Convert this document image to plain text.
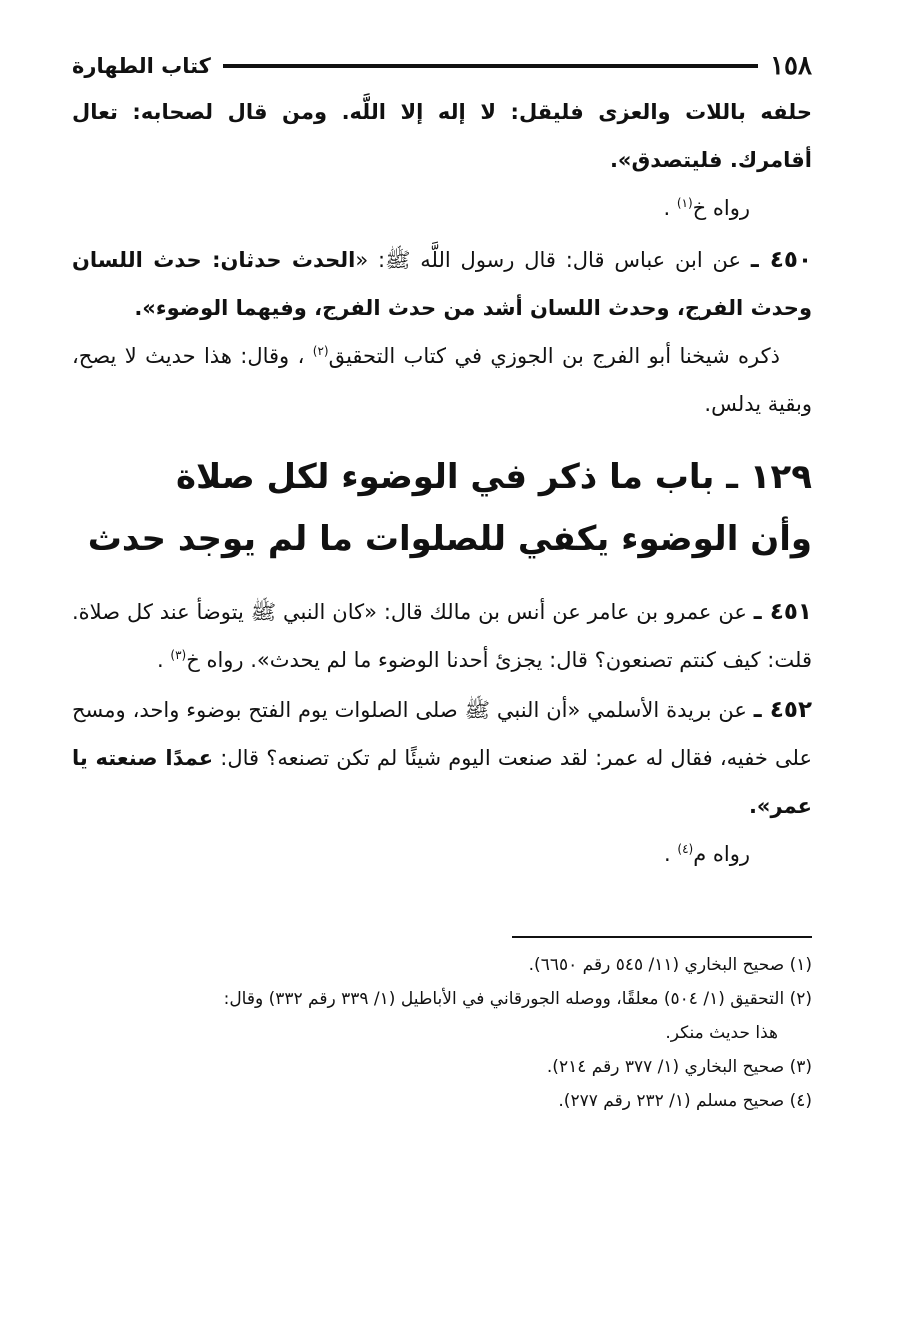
١٥٨
كتاب الطهارة

حلفه باللات والعزى فليقل: لا إله إلا اللَّه. ومن قال لصحابه: تعال أقامرك. فليتصدق».

رواه خ$^{(١)}$ .

٤٥٠ ـ عن ابن عباس قال: قال رسول اللَّه ﷺ: «الحدث حدثان: حدث اللسان وحدث الفرج، وحدث اللسان أشد من حدث الفرج، وفيهما الوضوء».

ذكره شيخنا أبو الفرج بن الجوزي في كتاب التحقيق$^{(٢)}$ ، وقال: هذا حديث لا يصح، وبقية يدلس.

١٢٩ ـ باب ما ذكر في الوضوء لكل صلاة
وأن الوضوء يكفي للصلوات ما لم يوجد حدث

٤٥١ ـ عن عمرو بن عامر عن أنس بن مالك قال: «كان النبي ﷺ يتوضأ عند كل صلاة. قلت: كيف كنتم تصنعون؟ قال: يجزئ أحدنا الوضوء ما لم يحدث». رواه خ$^{(٣)}$ .

٤٥٢ ـ عن بريدة الأسلمي «أن النبي ﷺ صلى الصلوات يوم الفتح بوضوء واحد، ومسح على خفيه، فقال له عمر: لقد صنعت اليوم شيئًا لم تكن تصنعه؟ قال: عمدًا صنعته يا عمر».

رواه م$^{(٤)}$ .

(١) صحيح البخاري (١١/ ٥٤٥ رقم ٦٦٥٠).

(٢) التحقيق (١/ ٥٠٤) معلقًا، ووصله الجورقاني في الأباطيل (١/ ٣٣٩ رقم ٣٣٢) وقال:
هذا حديث منكر.

(٣) صحيح البخاري (١/ ٣٧٧ رقم ٢١٤).

(٤) صحيح مسلم (١/ ٢٣٢ رقم ٢٧٧).
